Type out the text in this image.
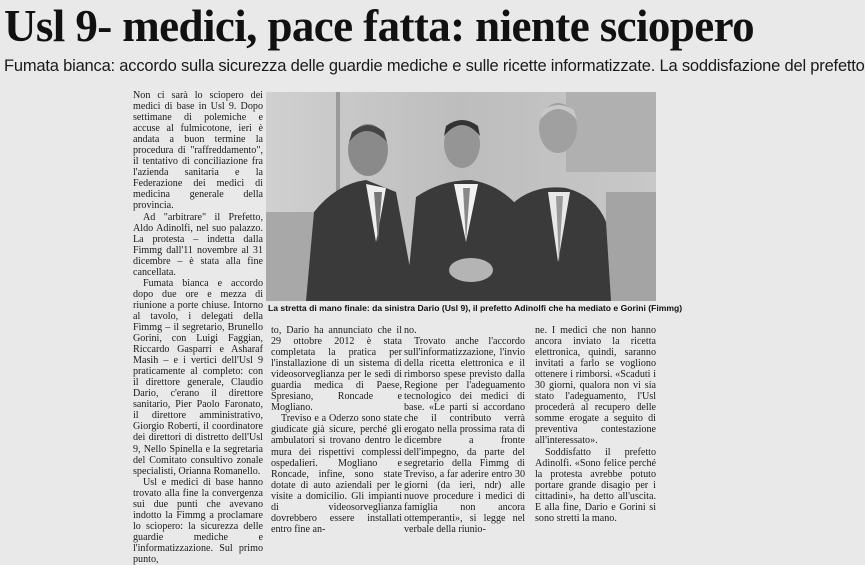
Usl 9- medici, pace fatta: niente sciopero
Fumata bianca: accordo sulla sicurezza delle guardie mediche e sulle ricette informatizzate. La soddisfazione del prefetto

Non ci sarà lo sciopero dei medici di base in Usl 9. Dopo settimane di polemiche e accuse al fulmicotone, ieri è andata a buon termine la procedura di "raffreddamento", il tentativo di conciliazione fra l'azienda sanitaria e la Federazione dei medici di medicina generale della provincia.

Ad "arbitrare" il Prefetto, Aldo Adinolfi, nel suo palazzo. La protesta – indetta dalla Fimmg dall'11 novembre al 31 dicembre – è stata alla fine cancellata.

Fumata bianca e accordo dopo due ore e mezza di riunione a porte chiuse. Intorno al tavolo, i delegati della Fimmg – il segretario, Brunello Gorini, con Luigi Faggian, Riccardo Gasparri e Asharaf Masih – e i vertici dell'Usl 9 praticamente al completo: con il direttore generale, Claudio Dario, c'erano il direttore sanitario, Pier Paolo Faronato, il direttore amministrativo, Giorgio Roberti, il coordinatore dei direttori di distretto dell'Usl 9, Nello Spinella e la segretaria del Comitato consultivo zonale specialisti, Orianna Romanello.

Usl e medici di base hanno trovato alla fine la convergenza sui due punti che avevano indotto la Fimmg a proclamare lo sciopero: la sicurezza delle guardie mediche e l'informatizzazione. Sul primo punto,

La stretta di mano finale: da sinistra Dario (Usl 9), il prefetto Adinolfi che ha mediato e Gorini (Fimmg)

to, Dario ha annunciato che il 29 ottobre 2012 è stata completata la pratica per l'installazione di un sistema di videosorveglianza per le sedi di guardia medica di Paese, Spresiano, Roncade e Mogliano.

Treviso e a Oderzo sono state giudicate già sicure, perché gli ambulatori si trovano dentro le mura dei rispettivi complessi ospedalieri. Mogliano e Roncade, infine, sono state dotate di auto aziendali per le visite a domicilio. Gli impianti di videosorveglianza dovrebbero essere installati entro fine an-

no.

Trovato anche l'accordo sull'informatizzazione, l'invio della ricetta elettronica e il rimborso spese previsto dalla Regione per l'adeguamento tecnologico dei medici di base. «Le parti si accordano che il contributo verrà erogato nella prossima rata di dicembre a fronte dell'impegno, da parte del segretario della Fimmg di Treviso, a far aderire entro 30 giorni (da ieri, ndr) alle nuove procedure i medici di famiglia non ancora ottemperanti», si legge nel verbale della riunio-

ne. I medici che non hanno ancora inviato la ricetta elettronica, quindi, saranno invitati a farlo se vogliono ottenere i rimborsi. «Scaduti i 30 giorni, qualora non vi sia stato l'adeguamento, l'Usl procederà al recupero delle somme erogate a seguito di preventiva contestazione all'interessato».

Soddisfatto il prefetto Adinolfi. «Sono felice perché la protesta avrebbe potuto portare grande disagio per i cittadini», ha detto all'uscita. E alla fine, Dario e Gorini si sono stretti la mano.
